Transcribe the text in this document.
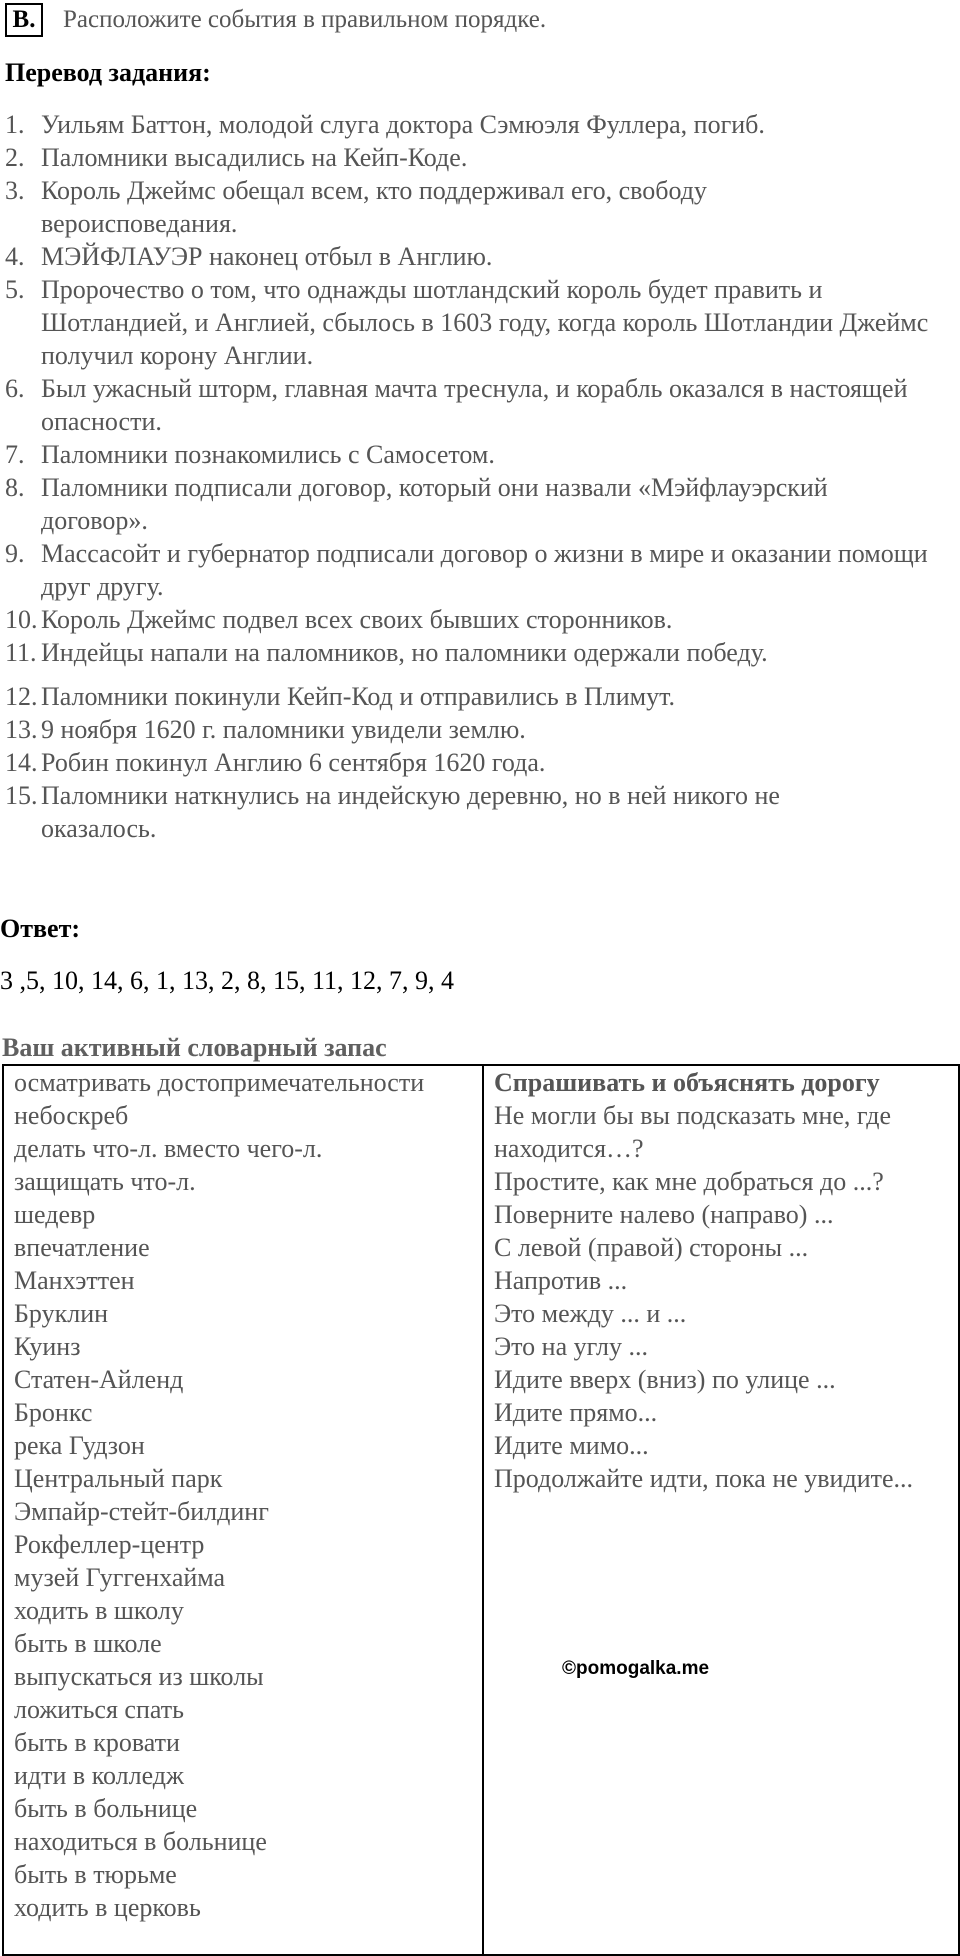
B.	Расположите события в правильном порядке.
Перевод задания:
1. Уильям Баттон, молодой слуга доктора Сэмюэля Фуллера, погиб.
2. Паломники высадились на Кейп-Коде.
3. Король Джеймс обещал всем, кто поддерживал его, свободу вероисповедания.
4. МЭЙФЛАУЭР наконец отбыл в Англию.
5. Пророчество о том, что однажды шотландский король будет править и Шотландией, и Англией, сбылось в 1603 году, когда король Шотландии Джеймс получил корону Англии.
6. Был ужасный шторм, главная мачта треснула, и корабль оказался в настоящей опасности.
7. Паломники познакомились с Самосетом.
8. Паломники подписали договор, который они назвали «Мэйфлауэрский договор».
9. Массасойт и губернатор подписали договор о жизни в мире и оказании помощи друг другу.
10. Король Джеймс подвел всех своих бывших сторонников.
11. Индейцы напали на паломников, но паломники одержали победу.
12. Паломники покинули Кейп-Код и отправились в Плимут.
13. 9 ноября 1620 г. паломники увидели землю.
14. Робин покинул Англию 6 сентября 1620 года.
15. Паломники наткнулись на индейскую деревню, но в ней никого не оказалось.
Ответ:
3 ,5, 10, 14, 6, 1, 13, 2, 8, 15, 11, 12, 7, 9, 4
Ваш активный словарный запас
осматривать достопримечательности
небоскреб
делать что-л. вместо чего-л.
защищать что-л.
шедевр
впечатление
Манхэттен
Бруклин
Куинз
Статен-Айленд
Бронкс
река Гудзон
Центральный парк
Эмпайр-стейт-билдинг
Рокфеллер-центр
музей Гуггенхайма
ходить в школу
быть в школе
выпускаться из школы
ложиться спать
быть в кровати
идти в колледж
быть в больнице
находиться в больнице
быть в тюрьме
ходить в церковь
Спрашивать и объяснять дорогу
Не могли бы вы подсказать мне, где находится…?
Простите, как мне добраться до ...?
Поверните налево (направо) ...
С левой (правой) стороны ...
Напротив ...
Это между ... и ...
Это на углу ...
Идите вверх (вниз) по улице ...
Идите прямо...
Идите мимо...
Продолжайте идти, пока не увидите...
©pomogalka.me
